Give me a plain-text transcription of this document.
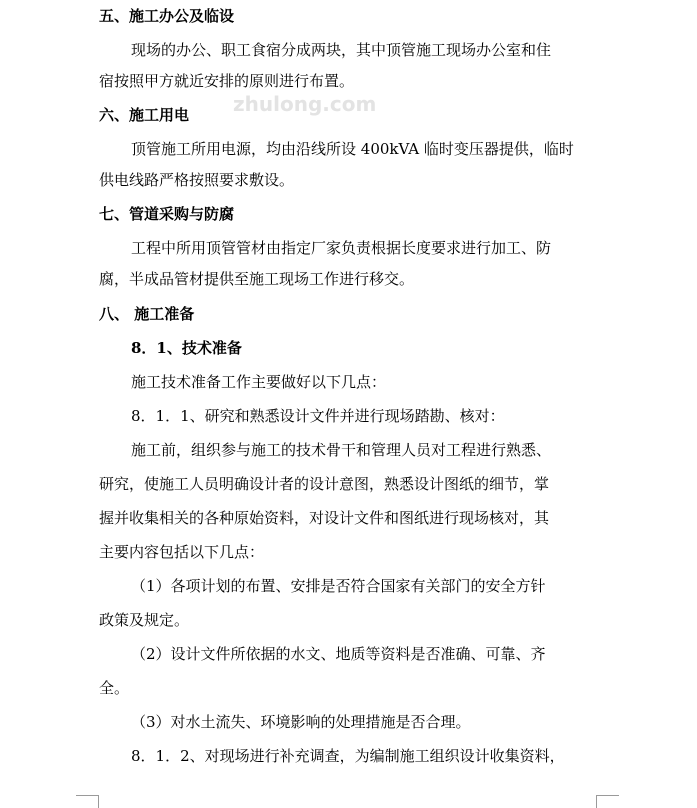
zhulong.com
五、施工办公及临设
现场的办公、职工食宿分成两块，其中顶管施工现场办公室和住
宿按照甲方就近安排的原则进行布置。
六、施工用电
顶管施工所用电源，均由沿线所设 400kVA 临时变压器提供，临时
供电线路严格按照要求敷设。
七、管道采购与防腐
工程中所用顶管管材由指定厂家负责根据长度要求进行加工、防
腐，半成品管材提供至施工现场工作进行移交。
八、 施工准备
8．1、技术准备
施工技术准备工作主要做好以下几点：
8．1．1、研究和熟悉设计文件并进行现场踏勘、核对：
施工前，组织参与施工的技术骨干和管理人员对工程进行熟悉、
研究，使施工人员明确设计者的设计意图，熟悉设计图纸的细节，掌
握并收集相关的各种原始资料，对设计文件和图纸进行现场核对，其
主要内容包括以下几点：
（1）各项计划的布置、安排是否符合国家有关部门的安全方针
政策及规定。
（2）设计文件所依据的水文、地质等资料是否准确、可靠、齐
全。
（3）对水土流失、环境影响的处理措施是否合理。
8．1．2、对现场进行补充调查，为编制施工组织设计收集资料，
